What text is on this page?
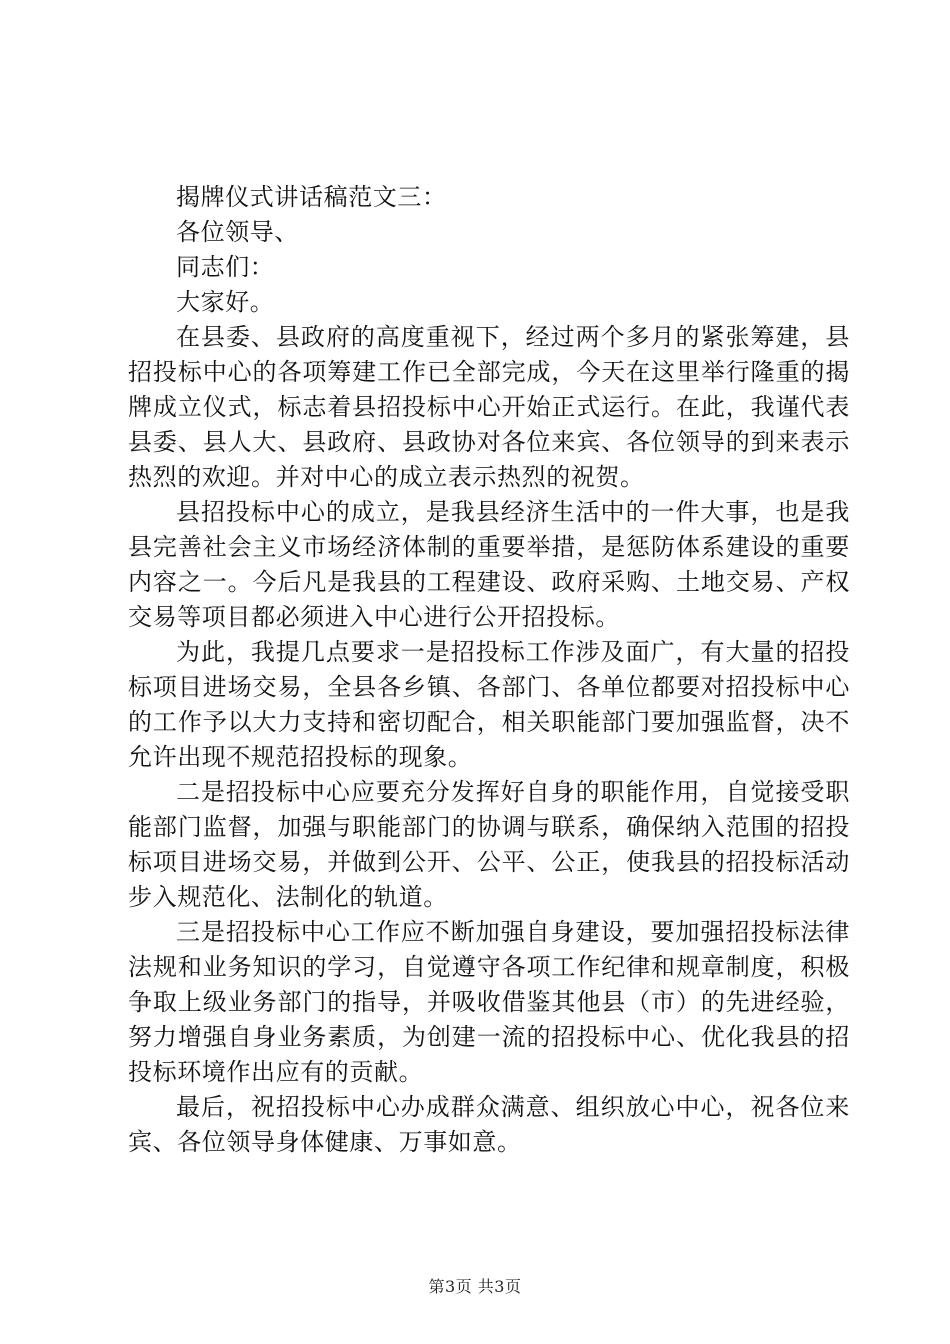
揭牌仪式讲话稿范文三：

各位领导、

同志们：

大家好。

在县委、县政府的高度重视下，经过两个多月的紧张筹建，县招投标中心的各项筹建工作已全部完成，今天在这里举行隆重的揭牌成立仪式，标志着县招投标中心开始正式运行。在此，我谨代表县委、县人大、县政府、县政协对各位来宾、各位领导的到来表示热烈的欢迎。并对中心的成立表示热烈的祝贺。

县招投标中心的成立，是我县经济生活中的一件大事，也是我县完善社会主义市场经济体制的重要举措，是惩防体系建设的重要内容之一。今后凡是我县的工程建设、政府采购、土地交易、产权交易等项目都必须进入中心进行公开招投标。

为此，我提几点要求一是招投标工作涉及面广，有大量的招投标项目进场交易，全县各乡镇、各部门、各单位都要对招投标中心的工作予以大力支持和密切配合，相关职能部门要加强监督，决不允许出现不规范招投标的现象。

二是招投标中心应要充分发挥好自身的职能作用，自觉接受职能部门监督，加强与职能部门的协调与联系，确保纳入范围的招投标项目进场交易，并做到公开、公平、公正，使我县的招投标活动步入规范化、法制化的轨道。

三是招投标中心工作应不断加强自身建设，要加强招投标法律法规和业务知识的学习，自觉遵守各项工作纪律和规章制度，积极争取上级业务部门的指导，并吸收借鉴其他县（市）的先进经验，努力增强自身业务素质，为创建一流的招投标中心、优化我县的招投标环境作出应有的贡献。

最后，祝招投标中心办成群众满意、组织放心中心，祝各位来宾、各位领导身体健康、万事如意。

第3页 共3页
